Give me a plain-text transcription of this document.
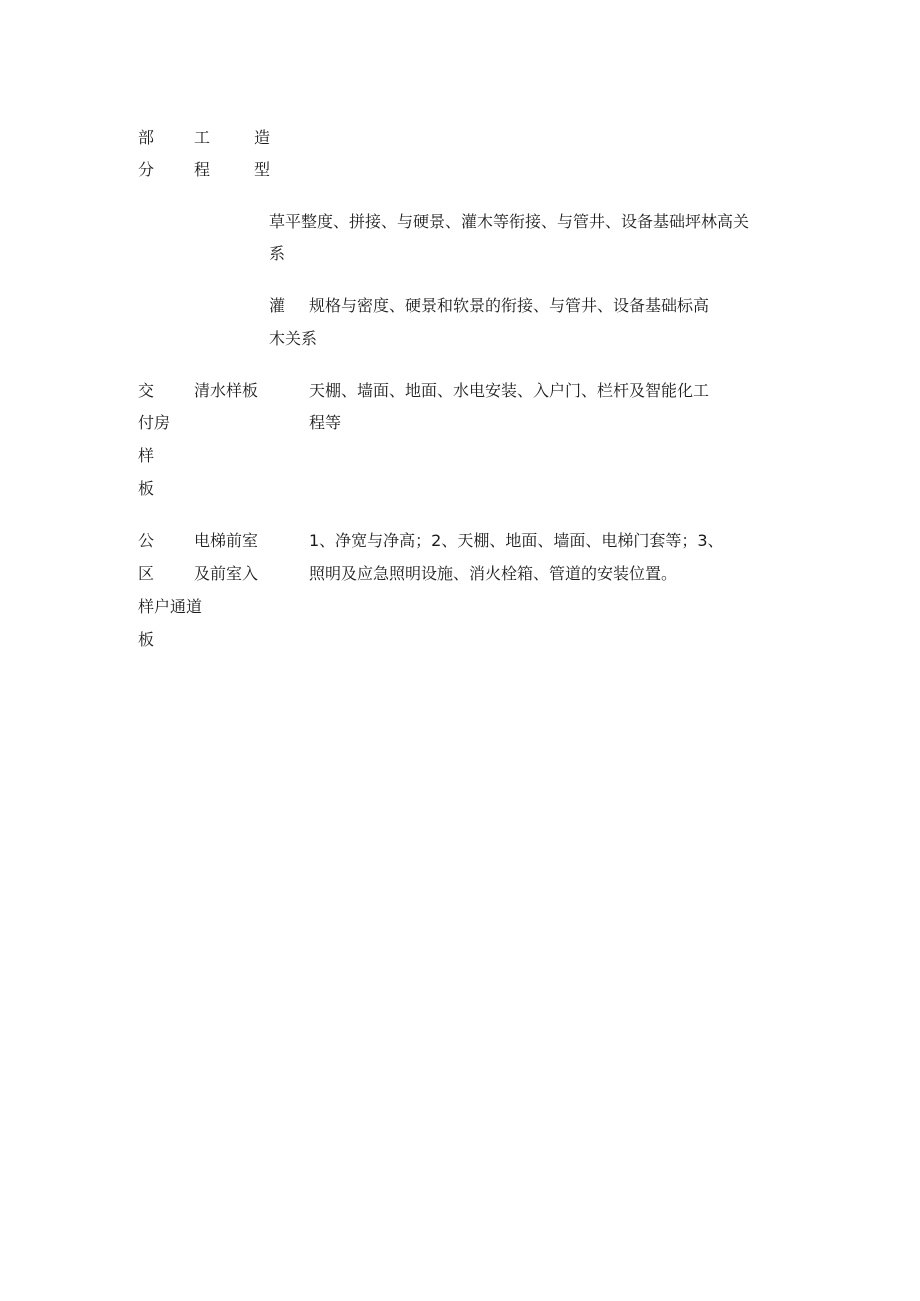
部
分
工
程
造
型
草平整度、拼接、与硬景、灌木等衔接、与管井、设备基础坪林高关
系
灌 规格与密度、硬景和软景的衔接、与管井、设备基础标高
木关系
交
付房
样
板
清水样板	天棚、墙面、地面、水电安装、入户门、栏杆及智能化工
程等
公
区
样户通道
板
电梯前室
及前室入
1、净宽与净高；2、天棚、地面、墙面、电梯门套等；3、
照明及应急照明设施、消火栓箱、管道的安装位置。
